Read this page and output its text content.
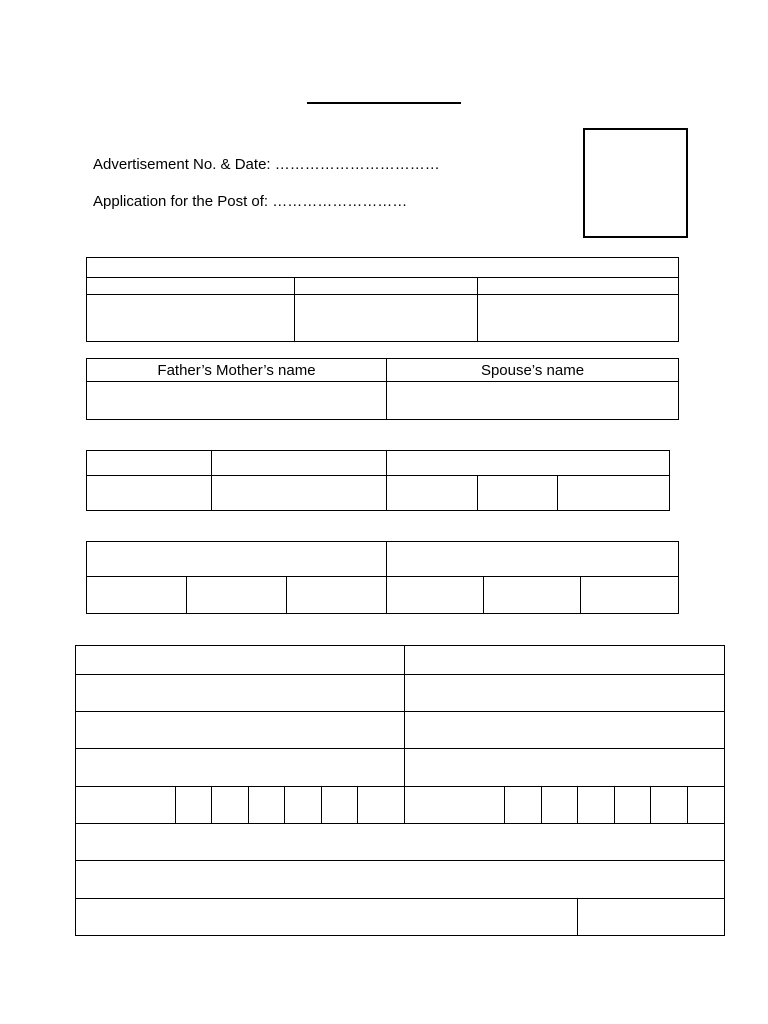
Advertisement No. & Date: ……………………………
Application for the Post of: ………………………

Father’s Mother’s name	Spouse’s name
